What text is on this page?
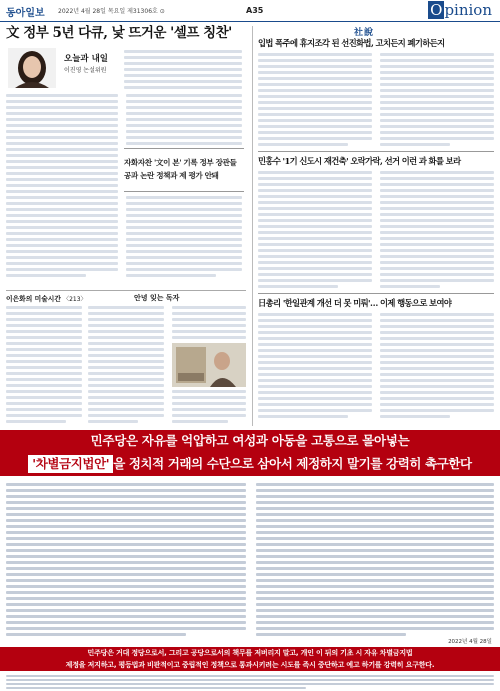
동아일보 2022년 4월 28일 목요일 제31306호 ⊙	A35	O pinion
文 정부 5년 다큐, 낯 뜨거운 '셀프 칭찬'
오늘과 내일
이진영 논설위원
자화자찬 '文이 본' 기록 정부 장관들
공과 논란 정책과 제 평가 안돼
이은화의 미술시간 〈213〉	안녕 잊는 독자
社說
입법 폭주에 휴지조각 된 선진화법, 고치든지 폐기하든지
민홍수 '1기 신도시 재건축' 오락가락, 선거 이런 과 화를 보라
日총리 '한일관계 개선 더 못 미뤄'… 이제 행동으로 보여야
민주당은 자유를 억압하고 여성과 아동을 고통으로 몰아넣는
'차별금지법안' 을 정치적 거래의 수단으로 삼아서 제정하지 말기를 강력히 촉구한다
민주당은 거대 정당으로서, 그리고 공당으로서의 책무를 저버리지 말고, 개인 이 뒤의 기초 시 자유 차별금지법
제정을 저지하고, 평등법과 비판적이고 중립적인 정책으로 통과시키려는 시도를 즉시 중단하고 예고 하기를 강력히 요구한다.
2022년 4월 28일
